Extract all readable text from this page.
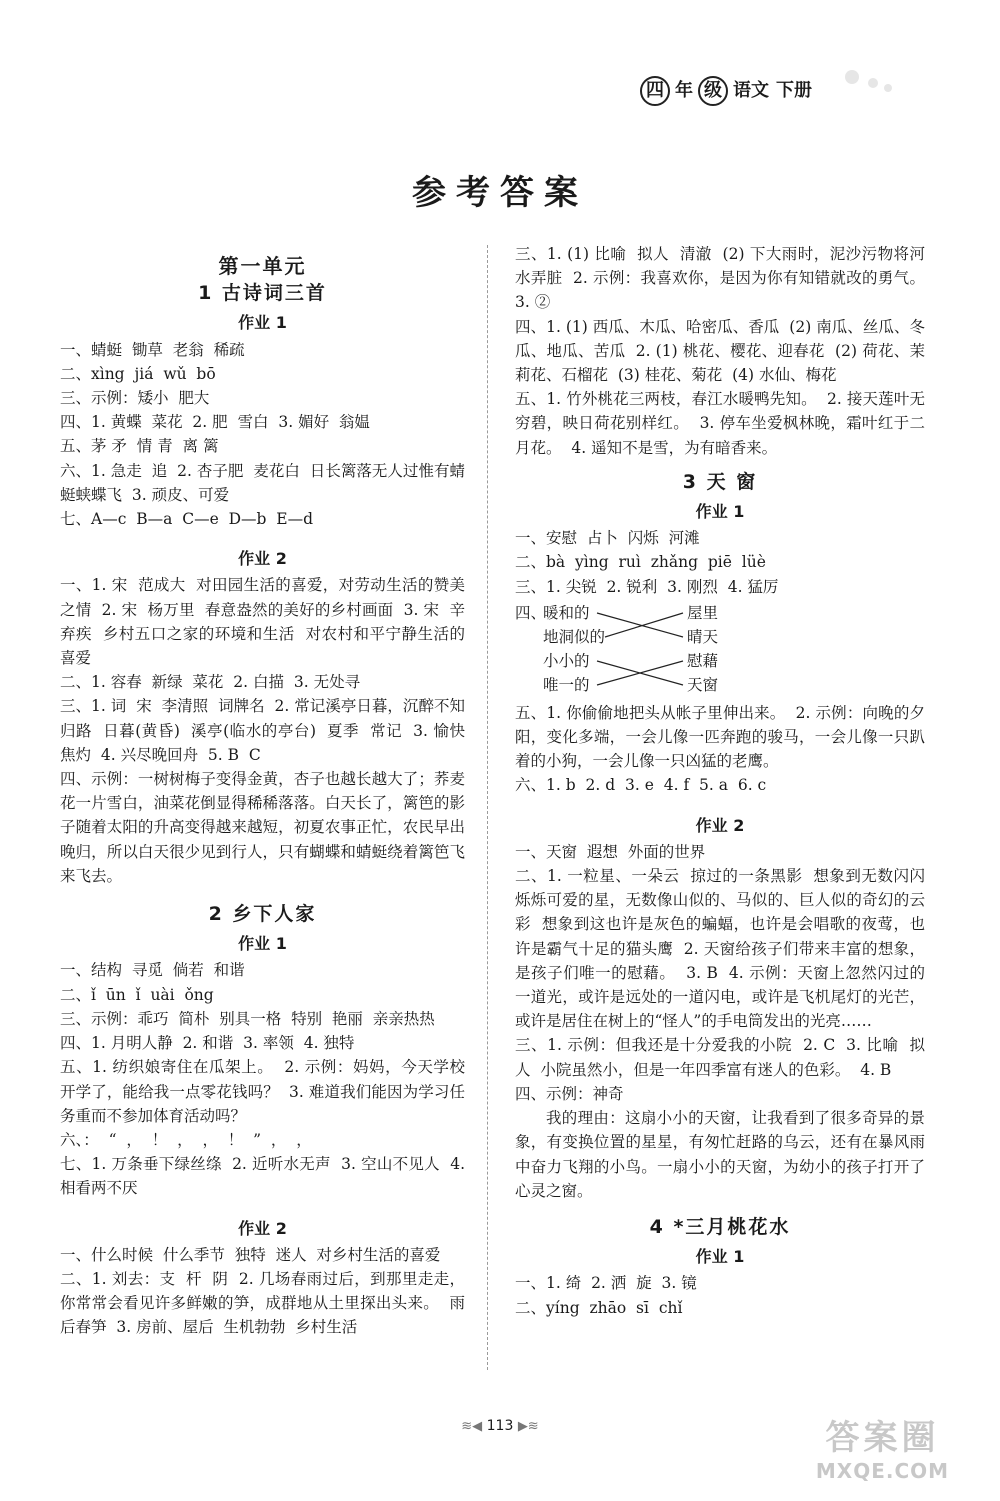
四 年 级 语文 下册
参考答案
第一单元
1 古诗词三首
作业 1

一、蜻蜓  锄草  老翁  稀疏

二、xìng  jiá  wǔ  bō

三、示例：矮小  肥大

四、1. 黄蝶  菜花  2. 肥  雪白  3. 媚好  翁媪

五、茅 矛  情 青  离 篱

六、1. 急走  追  2. 杏子肥  麦花白  日长篱落无人过惟有蜻蜓蛱蝶飞  3. 顽皮、可爱

七、A—c  B—a  C—e  D—b  E—d

作业 2

一、1. 宋  范成大  对田园生活的喜爱，对劳动生活的赞美之情  2. 宋  杨万里  春意盎然的美好的乡村画面  3. 宋  辛弃疾  乡村五口之家的环境和生活  对农村和平宁静生活的喜爱

二、1. 容春  新绿  菜花  2. 白描  3. 无处寻

三、1. 词  宋  李清照  词牌名  2. 常记溪亭日暮，沉醉不知归路  日暮(黄昏)  溪亭(临水的亭台)  夏季  常记  3. 愉快  焦灼  4. 兴尽晚回舟  5. B  C

四、示例：一树树梅子变得金黄，杏子也越长越大了；荞麦花一片雪白，油菜花倒显得稀稀落落。白天长了，篱笆的影子随着太阳的升高变得越来越短，初夏农事正忙，农民早出晚归，所以白天很少见到行人，只有蝴蝶和蜻蜓绕着篱笆飞来飞去。

2 乡下人家
作业 1

一、结构  寻觅  倘若  和谐

二、ǐ  ūn  ǐ  uài  ǒng

三、示例：乖巧  简朴  别具一格  特别  艳丽  亲亲热热

四、1. 月明人静  2. 和谐  3. 率领  4. 独特

五、1. 纺织娘寄住在瓜架上。  2. 示例：妈妈，今天学校开学了，能给我一点零花钱吗？  3. 难道我们能因为学习任务重而不参加体育活动吗？

六、：  “  ，  ！  ，  ，  ！  ”  ，  ，

七、1. 万条垂下绿丝绦  2. 近听水无声  3. 空山不见人  4. 相看两不厌

作业 2

一、什么时候  什么季节  独特  迷人  对乡村生活的喜爱

二、1. 刘去：支  杆  阴  2. 几场春雨过后，到那里走走，你常常会看见许多鲜嫩的笋，成群地从土里探出头来。  雨后春笋  3. 房前、屋后  生机勃勃  乡村生活

三、1. (1) 比喻  拟人  清澈  (2) 下大雨时，泥沙污物将河水弄脏  2. 示例：我喜欢你，是因为你有知错就改的勇气。  3. ②

四、1. (1) 西瓜、木瓜、哈密瓜、香瓜  (2) 南瓜、丝瓜、冬瓜、地瓜、苦瓜  2. (1) 桃花、樱花、迎春花  (2) 荷花、茉莉花、石榴花  (3) 桂花、菊花  (4) 水仙、梅花

五、1. 竹外桃花三两枝，春江水暖鸭先知。  2. 接天莲叶无穷碧，映日荷花别样红。  3. 停车坐爱枫林晚，霜叶红于二月花。  4. 遥知不是雪，为有暗香来。

3 天 窗
作业 1

一、安慰  占卜  闪烁  河滩

二、bà  yìng  ruì  zhǎng  piē  lüè

三、1. 尖锐  2. 锐利  3. 刚烈  4. 猛厉

四、
暖和的
地洞似的
小小的
唯一的
屋里
晴天
慰藉
天窗

五、1. 你偷偷地把头从帐子里伸出来。  2. 示例：向晚的夕阳，变化多端，一会儿像一匹奔跑的骏马，一会儿像一只趴着的小狗，一会儿像一只凶猛的老鹰。

六、1. b  2. d  3. e  4. f  5. a  6. c

作业 2

一、天窗  遐想  外面的世界

二、1. 一粒星、一朵云  掠过的一条黑影  想象到无数闪闪烁烁可爱的星，无数像山似的、马似的、巨人似的奇幻的云彩  想象到这也许是灰色的蝙蝠，也许是会唱歌的夜莺，也许是霸气十足的猫头鹰  2. 天窗给孩子们带来丰富的想象，是孩子们唯一的慰藉。  3. B  4. 示例：天窗上忽然闪过的一道光，或许是远处的一道闪电，或许是飞机尾灯的光芒，或许是居住在树上的“怪人”的手电筒发出的光亮……

三、1. 示例：但我还是十分爱我的小院  2. C  3. 比喻  拟人  小院虽然小，但是一年四季富有迷人的色彩。  4. B

四、示例：神奇

我的理由：这扇小小的天窗，让我看到了很多奇异的景象，有变换位置的星星，有匆忙赶路的乌云，还有在暴风雨中奋力飞翔的小鸟。一扇小小的天窗，为幼小的孩子打开了心灵之窗。

4 *三月桃花水
作业 1

一、1. 绮  2. 洒  旋  3. 镜

二、yíng  zhāo  sī  chǐ

≋◀ 113 ▶≋	答案圈
MXQE.COM
